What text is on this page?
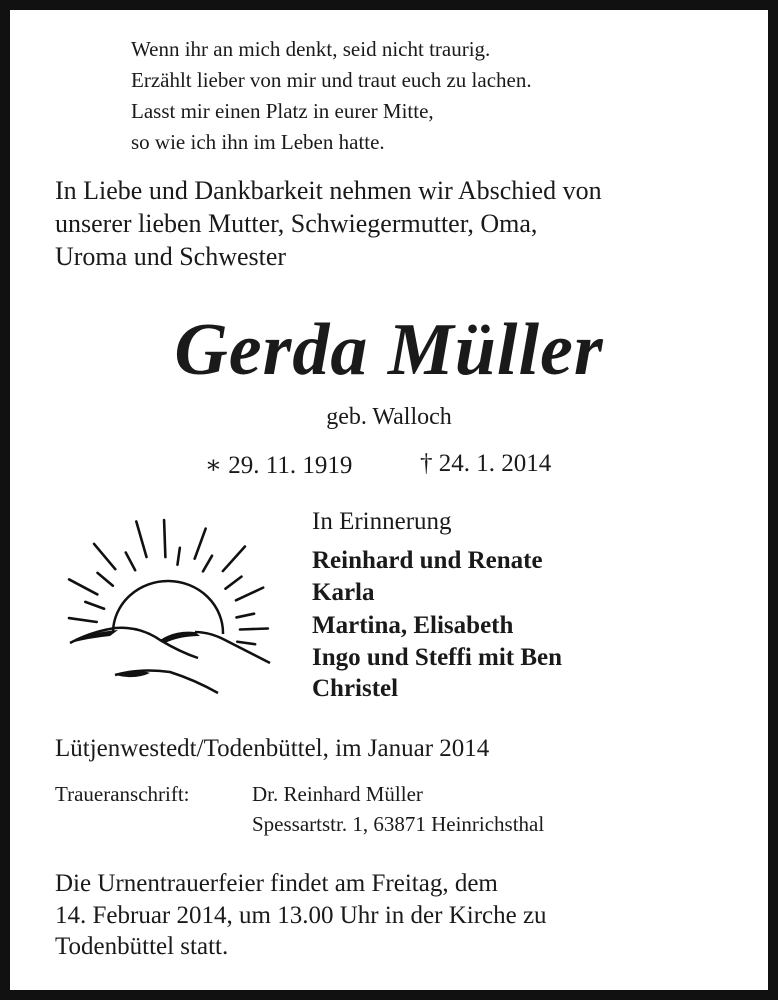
Wenn ihr an mich denkt, seid nicht traurig.
Erzählt lieber von mir und traut euch zu lachen.
Lasst mir einen Platz in eurer Mitte,
so wie ich ihn im Leben hatte.
In Liebe und Dankbarkeit nehmen wir Abschied von
unserer lieben Mutter, Schwiegermutter, Oma,
Uroma und Schwester
Gerda Müller
geb. Walloch
∗ 29. 11. 1919	† 24. 1. 2014
In Erinnerung
Reinhard und Renate
Karla
Martina, Elisabeth
Ingo und Steffi mit Ben
Christel
Lütjenwestedt/Todenbüttel, im Januar 2014
Traueranschrift:	Dr. Reinhard Müller
Spessartstr. 1, 63871 Heinrichsthal
Die Urnentrauerfeier findet am Freitag, dem
14. Februar 2014, um 13.00 Uhr in der Kirche zu
Todenbüttel statt.
